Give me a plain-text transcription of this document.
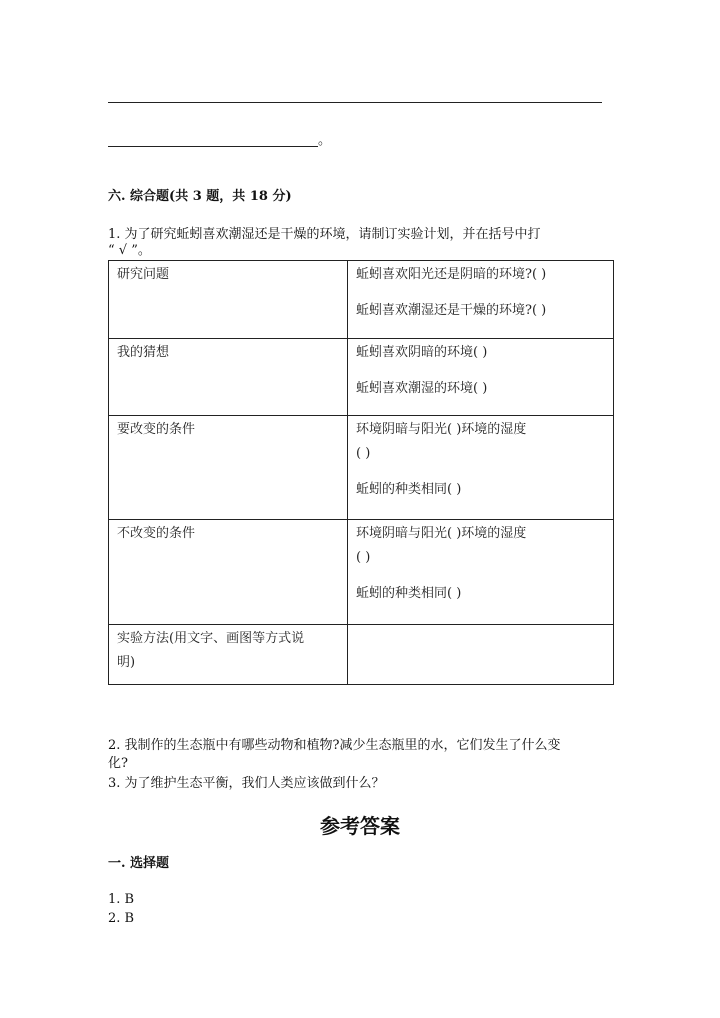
。
六. 综合题(共 3 题，共 18 分)
1. 为了研究蚯蚓喜欢潮湿还是干燥的环境，请制订实验计划，并在括号中打
“ √ ”。
研究问题	蚯蚓喜欢阳光还是阴暗的环境?( )
蚯蚓喜欢潮湿还是干燥的环境?( )

我的猜想	蚯蚓喜欢阴暗的环境( )
蚯蚓喜欢潮湿的环境( )

要改变的条件	环境阴暗与阳光( )环境的湿度
( )
蚯蚓的种类相同( )

不改变的条件	环境阴暗与阳光( )环境的湿度
( )
蚯蚓的种类相同( )

实验方法(用文字、画图等方式说
明)	

2. 我制作的生态瓶中有哪些动物和植物?减少生态瓶里的水，它们发生了什么变
化?
3. 为了维护生态平衡，我们人类应该做到什么？
参考答案
一. 选择题
1. B
2. B
